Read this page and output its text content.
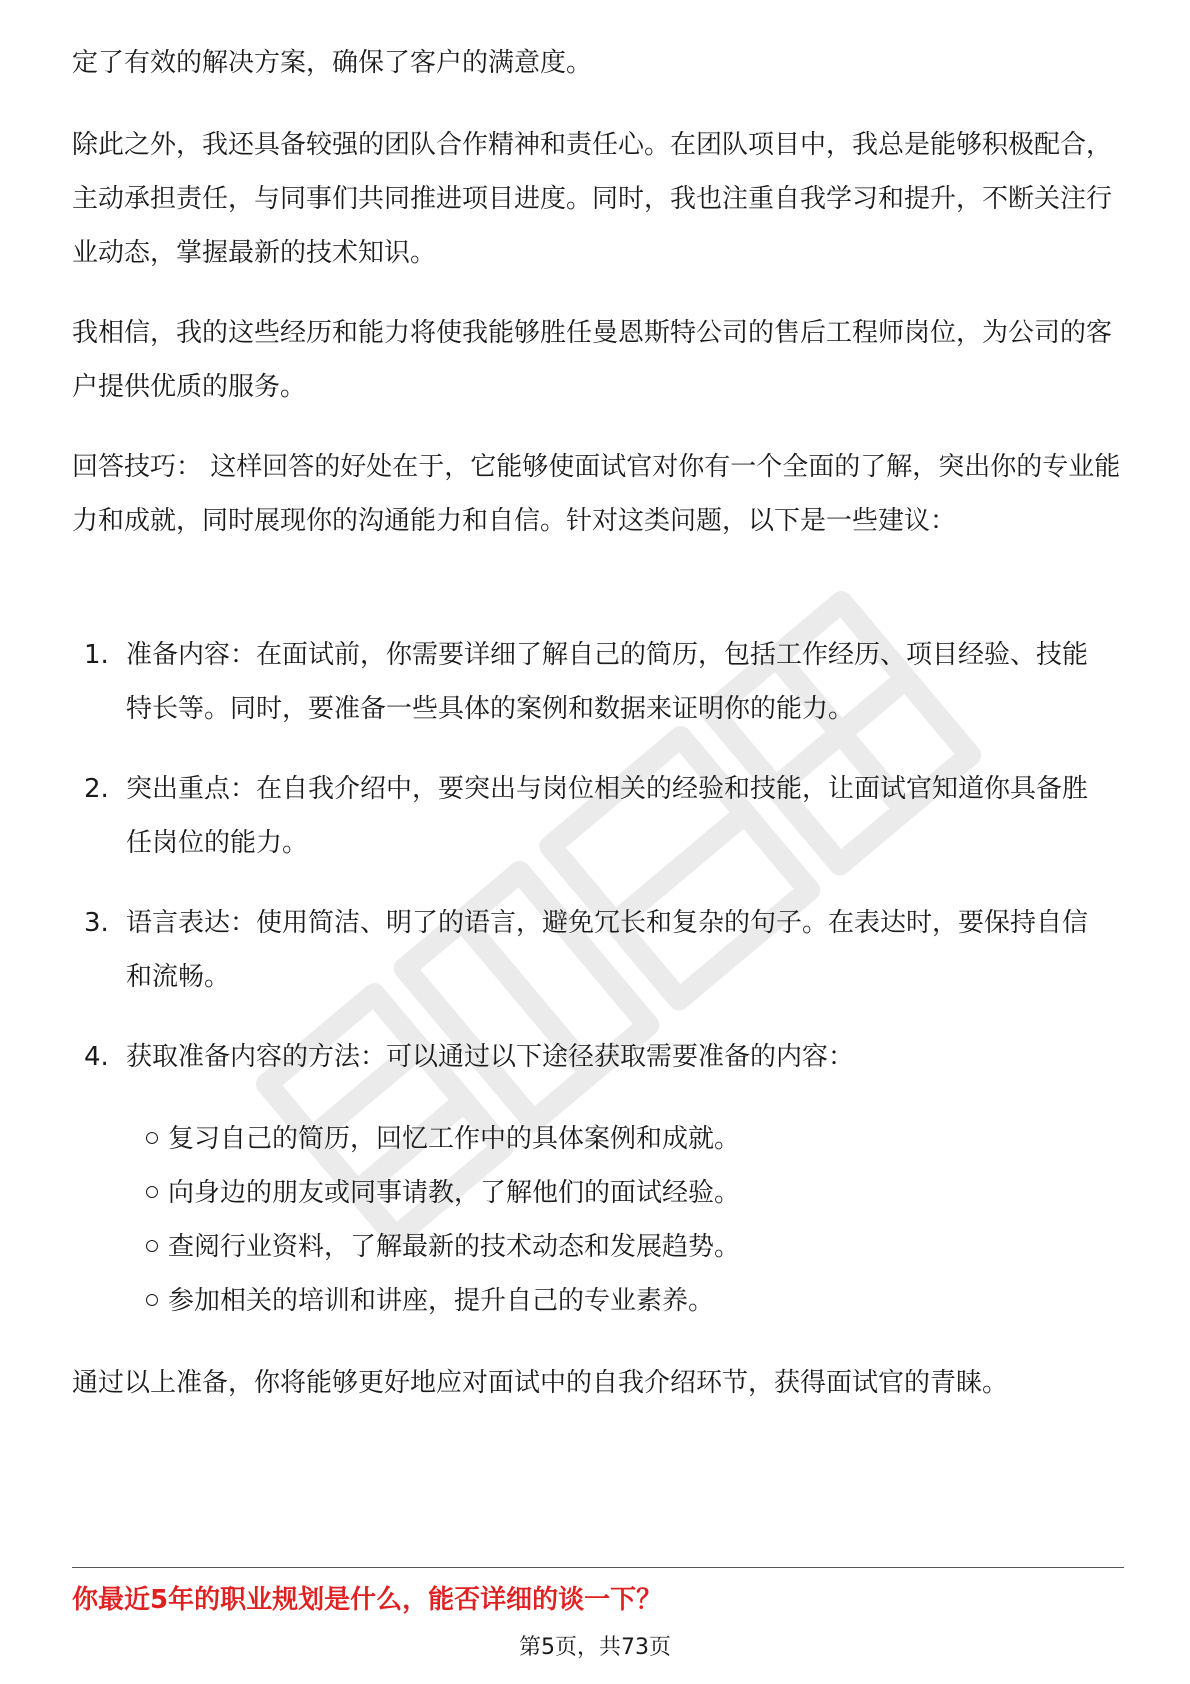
定了有效的解决方案，确保了客户的满意度。

除此之外，我还具备较强的团队合作精神和责任心。在团队项目中，我总是能够积极配合，主动承担责任，与同事们共同推进项目进度。同时，我也注重自我学习和提升，不断关注行业动态，掌握最新的技术知识。

我相信，我的这些经历和能力将使我能够胜任曼恩斯特公司的售后工程师岗位，为公司的客户提供优质的服务。

回答技巧： 这样回答的好处在于，它能够使面试官对你有一个全面的了解，突出你的专业能力和成就，同时展现你的沟通能力和自信。针对这类问题，以下是一些建议：

1. 准备内容：在面试前，你需要详细了解自己的简历，包括工作经历、项目经验、技能特长等。同时，要准备一些具体的案例和数据来证明你的能力。

2. 突出重点：在自我介绍中，要突出与岗位相关的经验和技能，让面试官知道你具备胜任岗位的能力。

3. 语言表达：使用简洁、明了的语言，避免冗长和复杂的句子。在表达时，要保持自信和流畅。

4. 获取准备内容的方法：可以通过以下途径获取需要准备的内容：

复习自己的简历，回忆工作中的具体案例和成就。
向身边的朋友或同事请教，了解他们的面试经验。
查阅行业资料，了解最新的技术动态和发展趋势。
参加相关的培训和讲座，提升自己的专业素养。

通过以上准备，你将能够更好地应对面试中的自我介绍环节，获得面试官的青睐。

你最近5年的职业规划是什么，能否详细的谈一下？
第5页，共73页
